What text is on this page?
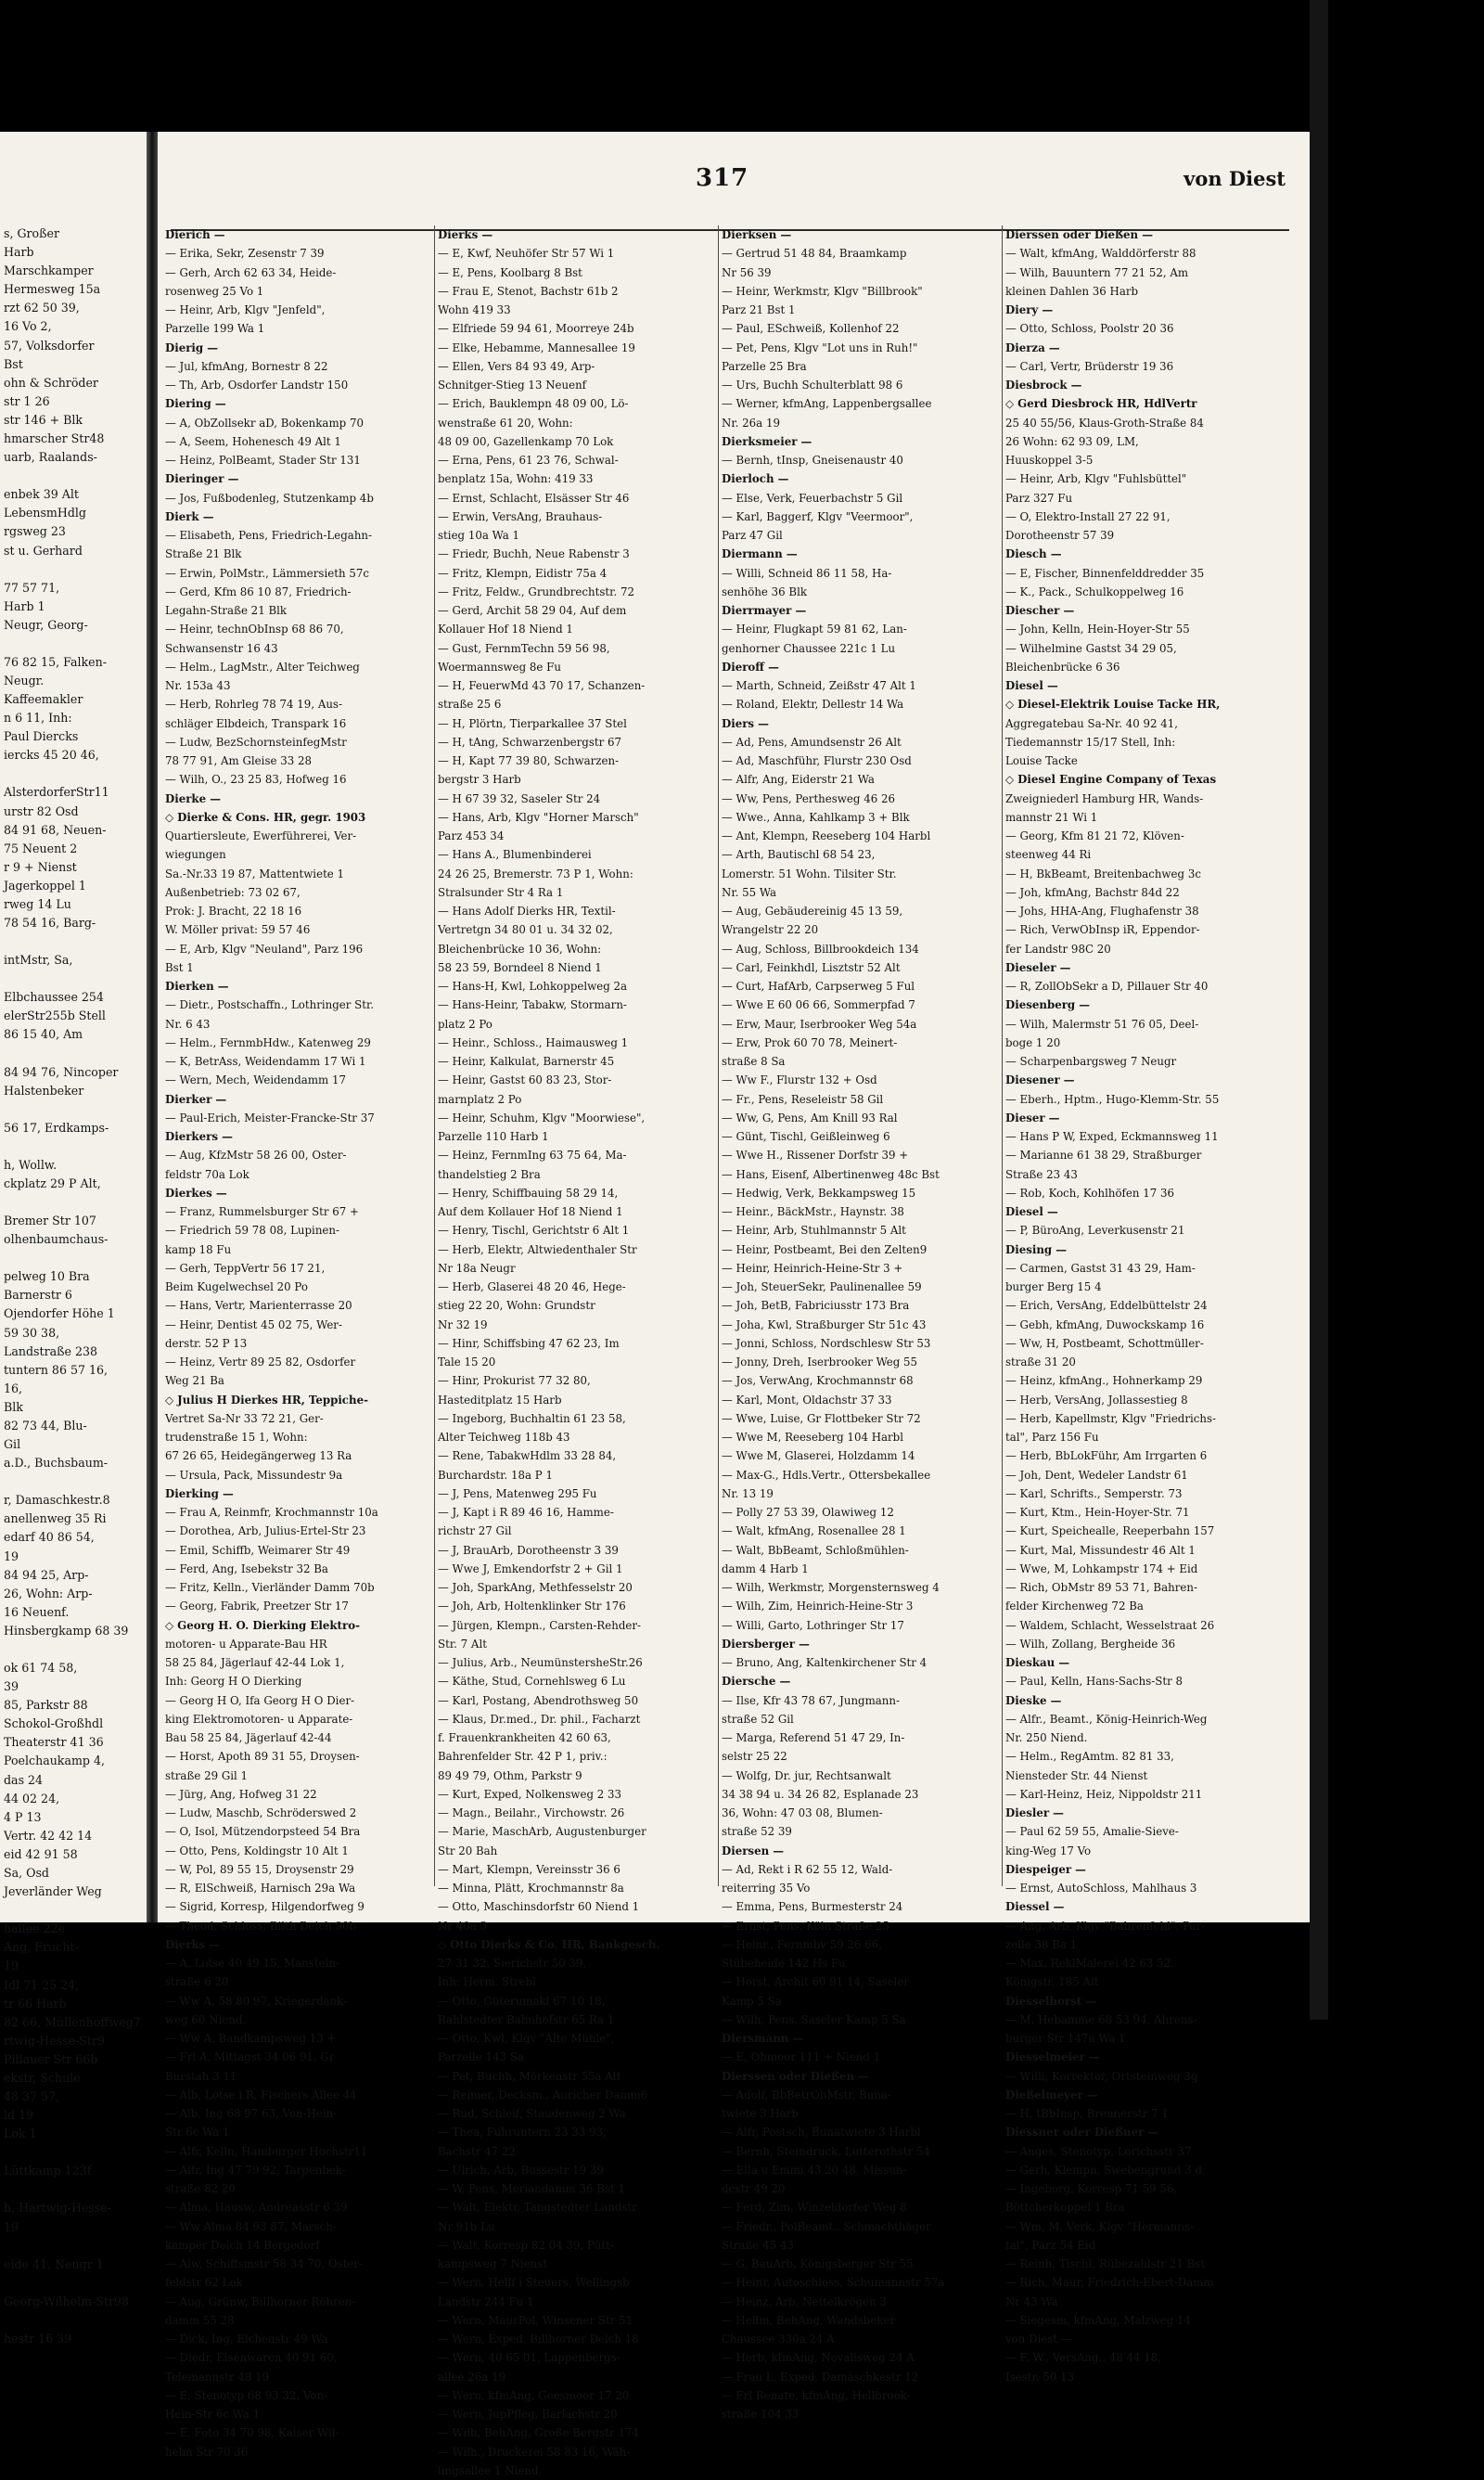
s, Großer
Harb
Marschkamper
Hermesweg 15a
rzt 62 50 39,
16 Vo 2,
57, Volksdorfer
Bst
ohn & Schröder
str 1 26
str 146 + Blk
hmarscher Str48
uarb, Raalands-
enbek 39 Alt
LebensmHdlg
rgsweg 23
st u. Gerhard
77 57 71,
Harb 1
Neugr, Georg-
76 82 15, Falken-
Neugr.
Kaffeemakler
n 6 11, Inh:
Paul Diercks
iercks 45 20 46,
AlsterdorferStr11
urstr 82 Osd
84 91 68, Neuen-
75 Neuent 2
r 9 + Nienst
Jagerkoppel 1
rweg 14 Lu
78 54 16, Barg-
intMstr, Sa,
Elbchaussee 254
elerStr255b Stell
86 15 40, Am
84 94 76, Nincoper
Halstenbeker
56 17, Erdkamps-
h, Wollw.
ckplatz 29 P Alt,
Bremer Str 107
olhenbaumchaus-
pelweg 10 Bra
Barnerstr 6
Ojendorfer Höhe 1
59 30 38,
Landstraße 238
tuntern 86 57 16,
16,
Blk
82 73 44, Blu-
Gil
a.D., Buchsbaum-
r, Damaschkestr.8
anellenweg 35 Ri
edarf 40 86 54,
19
84 94 25, Arp-
26, Wohn: Arp-
16 Neuenf.
Hinsbergkamp 68 39
ok 61 74 58,
39
85, Parkstr 88
Schokol-Großhdl
Theaterstr 41 36
Poelchaukamp 4,
das 24
44 02 24,
4 P 13
Vertr. 42 42 14
eid 42 91 58
Sa, Osd
Jeverländer Weg
hallee 22e
Ang, Frucht-
19
Idl 71 25 24,
tr 66 Harb
82 66, Müllenhoffweg7
rtwig-Hesse-Str9
Pillauer Str 66b
ekstr, Schule
48 37 57,
ld 19
Lok 1
Lüttkamp 123f
h, Hartwig-Hesse-
19
eide 41, Neugr 1
Georg-Wilhelm-Str98
hestr 16 39
317	von Diest
Dierich —
— Erika, Sekr, Zesenstr 7 39
— Gerh, Arch 62 63 34, Heide-
rosenweg 25 Vo 1
— Heinr, Arb, Klgv "Jenfeld",
Parzelle 199 Wa 1
Dierig —
— Jul, kfmAng, Bornestr 8 22
— Th, Arb, Osdorfer Landstr 150
Diering —
— A, ObZollsekr aD, Bokenkamp 70
— A, Seem, Hohenesch 49 Alt 1
— Heinz, PolBeamt, Stader Str 131
Dieringer —
— Jos, Fußbodenleg, Stutzenkamp 4b
Dierk —
— Elisabeth, Pens, Friedrich-Legahn-
Straße 21 Blk
— Erwin, PolMstr., Lämmersieth 57c
— Gerd, Kfm 86 10 87, Friedrich-
Legahn-Straße 21 Blk
— Heinr, technObInsp 68 86 70,
Schwansenstr 16 43
— Helm., LagMstr., Alter Teichweg
Nr. 153a 43
— Herb, Rohrleg 78 74 19, Aus-
schläger Elbdeich, Transpark 16
— Ludw, BezSchornsteinfegMstr
78 77 91, Am Gleise 33 28
— Wilh, O., 23 25 83, Hofweg 16
Dierke —
◇ Dierke & Cons. HR, gegr. 1903
Quartiersleute, Ewerführerei, Ver-
wiegungen
Sa.-Nr.33 19 87, Mattentwiete 1
Außenbetrieb: 73 02 67,
Prok: J. Bracht, 22 18 16
W. Möller privat: 59 57 46
— E, Arb, Klgv "Neuland", Parz 196
Bst 1
Dierken —
— Dietr., Postschaffn., Lothringer Str.
Nr. 6 43
— Helm., FernmbHdw., Katenweg 29
— K, BetrAss, Weidendamm 17 Wi 1
— Wern, Mech, Weidendamm 17
Dierker —
— Paul-Erich, Meister-Francke-Str 37
Dierkers —
— Aug, KfzMstr 58 26 00, Oster-
feldstr 70a Lok
Dierkes —
— Franz, Rummelsburger Str 67 +
— Friedrich 59 78 08, Lupinen-
kamp 18 Fu
— Gerh, TeppVertr 56 17 21,
Beim Kugelwechsel 20 Po
— Hans, Vertr, Marienterrasse 20
— Heinr, Dentist 45 02 75, Wer-
derstr. 52 P 13
— Heinz, Vertr 89 25 82, Osdorfer
Weg 21 Ba
◇ Julius H Dierkes HR, Teppiche-
Vertret Sa-Nr 33 72 21, Ger-
trudenstraße 15 1, Wohn:
67 26 65, Heidegängerweg 13 Ra
— Ursula, Pack, Missundestr 9a
Dierking —
— Frau A, Reinmfr, Krochmannstr 10a
— Dorothea, Arb, Julius-Ertel-Str 23
— Emil, Schiffb, Weimarer Str 49
— Ferd, Ang, Isebekstr 32 Ba
— Fritz, Kelln., Vierländer Damm 70b
— Georg, Fabrik, Preetzer Str 17
◇ Georg H. O. Dierking Elektro-
motoren- u Apparate-Bau HR
58 25 84, Jägerlauf 42-44 Lok 1,
Inh: Georg H O Dierking
— Georg H O, Ifa Georg H O Dier-
king Elektromotoren- u Apparate-
Bau 58 25 84, Jägerlauf 42-44
— Horst, Apoth 89 31 55, Droysen-
straße 29 Gil 1
— Jürg, Ang, Hofweg 31 22
— Ludw, Maschb, Schröderswed 2
— O, Isol, Mützendorpsteed 54 Bra
— Otto, Pens, Koldingstr 10 Alt 1
— W, Pol, 89 55 15, Droysenstr 29
— R, ElSchweiß, Harnisch 29a Wa
— Sigrid, Korresp, Hilgendorfweg 9
— Theod, Schloss, Bilth Deich 90b
Dierks —
— A, Lotse 40 49 15, Manstein-
straße 6 20
— Ww A, 58 80 97, Kriegerdank-
weg 60 Niend.
— Ww A, Bandkampsweg 13 +
— Frl A, Mittagst 34 06 91, Gr
Burstah 3 11
— Alb, Lotse i R, Fischers Allee 44
— Alb, Ing 68 97 63, Von-Hein-
Str 6c Wa 1
— Alfr, Kelln, Hamburger Hochstr11
— Alfr, Ing 47 79 92, Tarpenbek-
straße 82 20
— Alma, Hausw, Andreasstr 6 39
— Ww Alma 84 93 87, Marsch-
kamper Deich 14 Bergedorf
— Alw, Schiffsmstr 58 34 70, Oster-
feldstr 62 Lok
— Aug, Grünw, Billhorner Röhren-
damm 55 28
— Dick, Ing, Elchenstr 49 Wa
— Diedr, Eisenwaren 40 91 60,
Telemannstr 48 19
— E, Stenotyp 68 93 32, Von-
Hein-Str 6c Wa 1
— E, Foto 34 70 98, Kaiser Wil-
helm Str 70 36
Dierks —
— E, Kwf, Neuhöfer Str 57 Wi 1
— E, Pens, Koolbarg 8 Bst
— Frau E, Stenot, Bachstr 61b 2
Wohn 419 33
— Elfriede 59 94 61, Moorreye 24b
— Elke, Hebamme, Mannesallee 19
— Ellen, Vers 84 93 49, Arp-
Schnitger-Stieg 13 Neuenf
— Erich, Bauklempn 48 09 00, Lö-
wenstraße 61 20, Wohn:
48 09 00, Gazellenkamp 70 Lok
— Erna, Pens, 61 23 76, Schwal-
benplatz 15a, Wohn: 419 33
— Ernst, Schlacht, Elsässer Str 46
— Erwin, VersAng, Brauhaus-
stieg 10a Wa 1
— Friedr, Buchh, Neue Rabenstr 3
— Fritz, Klempn, Eidistr 75a 4
— Fritz, Feldw., Grundbrechtstr. 72
— Gerd, Archit 58 29 04, Auf dem
Kollauer Hof 18 Niend 1
— Gust, FernmTechn 59 56 98,
Woermannsweg 8e Fu
— H, FeuerwMd 43 70 17, Schanzen-
straße 25 6
— H, Plörtn, Tierparkallee 37 Stel
— H, tAng, Schwarzenbergstr 67
— H, Kapt 77 39 80, Schwarzen-
bergstr 3 Harb
— H 67 39 32, Saseler Str 24
— Hans, Arb, Klgv "Horner Marsch"
Parz 453 34
— Hans A., Blumenbinderei
24 26 25, Bremerstr. 73 P 1, Wohn:
Stralsunder Str 4 Ra 1
— Hans Adolf Dierks HR, Textil-
Vertretgn 34 80 01 u. 34 32 02,
Bleichenbrücke 10 36, Wohn:
58 23 59, Borndeel 8 Niend 1
— Hans-H, Kwl, Lohkoppelweg 2a
— Hans-Heinr, Tabakw, Stormarn-
platz 2 Po
— Heinr., Schloss., Haimausweg 1
— Heinr, Kalkulat, Barnerstr 45
— Heinr, Gastst 60 83 23, Stor-
marnplatz 2 Po
— Heinr, Schuhm, Klgv "Moorwiese",
Parzelle 110 Harb 1
— Heinz, FernmIng 63 75 64, Ma-
thandelstieg 2 Bra
— Henry, Schiffbauing 58 29 14,
Auf dem Kollauer Hof 18 Niend 1
— Henry, Tischl, Gerichtstr 6 Alt 1
— Herb, Elektr, Altwiedenthaler Str
Nr 18a Neugr
— Herb, Glaserei 48 20 46, Hege-
stieg 22 20, Wohn: Grundstr
Nr 32 19
— Hinr, Schiffsbing 47 62 23, Im
Tale 15 20
— Hinr, Prokurist 77 32 80,
Hasteditplatz 15 Harb
— Ingeborg, Buchhaltin 61 23 58,
Alter Teichweg 118b 43
— Rene, TabakwHdlm 33 28 84,
Burchardstr. 18a P 1
— J, Pens, Matenweg 295 Fu
— J, Kapt i R 89 46 16, Hamme-
richstr 27 Gil
— J, BrauArb, Dorotheenstr 3 39
— Wwe J, Emkendorfstr 2 + Gil 1
— Joh, SparkAng, Methfesselstr 20
— Joh, Arb, Holtenklinker Str 176
— Jürgen, Klempn., Carsten-Rehder-
Str. 7 Alt
— Julius, Arb., NeumünstersheStr.26
— Käthe, Stud, Cornehlsweg 6 Lu
— Karl, Postang, Abendrothsweg 50
— Klaus, Dr.med., Dr. phil., Facharzt
f. Frauenkrankheiten 42 60 63,
Bahrenfelder Str. 42 P 1, priv.:
89 49 79, Othm, Parkstr 9
— Kurt, Exped, Nolkensweg 2 33
— Magn., Beilahr., Virchowstr. 26
— Marie, MaschArb, Augustenburger
Str 20 Bah
— Mart, Klempn, Vereinsstr 36 6
— Minna, Plätt, Krochmannstr 8a
— Otto, Maschinsdorfstr 60 Niend 1
Nr 40a 3
◇ Otto Dierks & Co. HR, Bankgesch.
27 31 32, Sierichstr 50 39,
Inh: Herm. Strebl
— Otto, Güterumakl 67 10 18,
Rahlstedter Bahnhofstr 65 Ra 1
— Otto, Kwl, Klgv "Alte Mühle",
Parzelle 143 Sa
— Pet, Buchh, Mörkenstr 55a Alt
— Reimer, Decksm., Auricher Damm6
— Rud, Schleif, Staudenweg 2 Wa
— Thea, Fuhruntern 23 33 93,
Bachstr 47 22
— Ulrich, Arb, Bussestr 19 39
— W, Pens, Meriandamm 36 Bst 1
— Walt, Elektr, Tangstedter Landstr
Nr 91b Lu
— Walt, Korresp 82 04 39, Pütt-
kampsweg 7 Nienst
— Wern, Hellf i Steuers, Wellingsb
Landstr 244 Fu 1
— Wern, MaurPol, Winsener Str 51
— Wern, Exped, Billhorner Deich 18
— Wern, 40 65 01, Lappenbergs-
allee 26a 19
— Wern, kfmAng, Geesmoor 17 20
— Wern, JupPfleg, Barlachstr 20
— Wilh, BehAng, Große Bergstr 174
— Wilh., Druckerei 58 83 16, Wäh-
lingsallee 1 Niend.
Dierksen —
— Gertrud 51 48 84, Braamkamp
Nr 56 39
— Heinr, Werkmstr, Klgv "Billbrook"
Parz 21 Bst 1
— Paul, ESchweiß, Kollenhof 22
— Pet, Pens, Klgv "Lot uns in Ruh!"
Parzelle 25 Bra
— Urs, Buchh Schulterblatt 98 6
— Werner, kfmAng, Lappenbergsallee
Nr. 26a 19
Dierksmeier —
— Bernh, tInsp, Gneisenaustr 40
Dierloch —
— Else, Verk, Feuerbachstr 5 Gil
— Karl, Baggerf, Klgv "Veermoor",
Parz 47 Gil
Diermann —
— Willi, Schneid 86 11 58, Ha-
senhöhe 36 Blk
Dierrmayer —
— Heinr, Flugkapt 59 81 62, Lan-
genhorner Chaussee 221c 1 Lu
Dieroff —
— Marth, Schneid, Zeißstr 47 Alt 1
— Roland, Elektr, Dellestr 14 Wa
Diers —
— Ad, Pens, Amundsenstr 26 Alt
— Ad, Maschführ, Flurstr 230 Osd
— Alfr, Ang, Eiderstr 21 Wa
— Ww, Pens, Perthesweg 46 26
— Wwe., Anna, Kahlkamp 3 + Blk
— Ant, Klempn, Reeseberg 104 Harbl
— Arth, Bautischl 68 54 23,
Lomerstr. 51 Wohn. Tilsiter Str.
Nr. 55 Wa
— Aug, Gebäudereinig 45 13 59,
Wrangelstr 22 20
— Aug, Schloss, Billbrookdeich 134
— Carl, Feinkhdl, Lisztstr 52 Alt
— Curt, HafArb, Carpserweg 5 Ful
— Wwe E 60 06 66, Sommerpfad 7
— Erw, Maur, Iserbrooker Weg 54a
— Erw, Prok 60 70 78, Meinert-
straße 8 Sa
— Ww F., Flurstr 132 + Osd
— Fr., Pens, Reseleistr 58 Gil
— Ww, G, Pens, Am Knill 93 Ral
— Günt, Tischl, Geißleinweg 6
— Wwe H., Rissener Dorfstr 39 +
— Hans, Eisenf, Albertinenweg 48c Bst
— Hedwig, Verk, Bekkampsweg 15
— Heinr., BäckMstr., Haynstr. 38
— Heinr, Arb, Stuhlmannstr 5 Alt
— Heinr, Postbeamt, Bei den Zelten9
— Heinr, Heinrich-Heine-Str 3 +
— Joh, SteuerSekr, Paulinenallee 59
— Joh, BetB, Fabriciusstr 173 Bra
— Joha, Kwl, Straßburger Str 51c 43
— Jonni, Schloss, Nordschlesw Str 53
— Jonny, Dreh, Iserbrooker Weg 55
— Jos, VerwAng, Krochmannstr 68
— Karl, Mont, Oldachstr 37 33
— Wwe, Luise, Gr Flottbeker Str 72
— Wwe M, Reeseberg 104 Harbl
— Wwe M, Glaserei, Holzdamm 14
— Max-G., Hdls.Vertr., Ottersbekallee
Nr. 13 19
— Polly 27 53 39, Olawiweg 12
— Walt, kfmAng, Rosenallee 28 1
— Walt, BbBeamt, Schloßmühlen-
damm 4 Harb 1
— Wilh, Werkmstr, Morgensternsweg 4
— Wilh, Zim, Heinrich-Heine-Str 3
— Willi, Garto, Lothringer Str 17
Diersberger —
— Bruno, Ang, Kaltenkirchener Str 4
Diersche —
— Ilse, Kfr 43 78 67, Jungmann-
straße 52 Gil
— Marga, Referend 51 47 29, In-
selstr 25 22
— Wolfg, Dr. jur, Rechtsanwalt
34 38 94 u. 34 26 82, Esplanade 23
36, Wohn: 47 03 08, Blumen-
straße 52 39
Diersen —
— Ad, Rekt i R 62 55 12, Wald-
reiterring 35 Vo
— Emma, Pens, Burmesterstr 24
— Ernst, Pens, Köln Straße 25
— Heinr., Fernmbv 59 26 66,
Stübeheide 142 Hs Fu
— Horst, Archit 60 91 14, Saseler
Kamp 5 Sa
— Wilh, Pens, Saseler Kamp 5 Sa
Diersmann —
— E, Ohmoor 111 + Niend 1
Dierssen oder Dießen —
— Adolf, BbBetrObMstr, Buna-
twiete 3 Harb
— Alfr, Postsch, Bunatwiete 3 Harbl
— Bernh, Steindruck, Lutterothstr 54
— Ella u Emmi 43 20 48, Missun-
destr 49 20
— Ferd, Zim, Winzeldorfer Weg 8
— Friedr., PolBeamt., Schmachthäger
Straße 45 43
— G, BauArb, Königsberger Str 55
— Heinr, Autoschloss, Schumannstr 57a
— Heinz, Arb, Nettelkrögen 3
— Hellm, BehAng, Wandsbeker
Chaussee 330a 24 A
— Herb, kfmAng, Novalisweg 24 A
— Frau L, Exped, Damaschkestr 12
— Frl Renate, kfmAng, Hellbrook-
straße 104 33
Dierssen oder Dießen —
— Walt, kfmAng, Walddörferstr 88
— Wilh, Bauuntern 77 21 52, Am
kleinen Dahlen 36 Harb
Diery —
— Otto, Schloss, Poolstr 20 36
Dierza —
— Carl, Vertr, Brüderstr 19 36
Diesbrock —
◇ Gerd Diesbrock HR, HdlVertr
25 40 55/56, Klaus-Groth-Straße 84
26 Wohn: 62 93 09, LM,
Huuskoppel 3-5
— Heinr, Arb, Klgv "Fuhlsbüttel"
Parz 327 Fu
— O, Elektro-Install 27 22 91,
Dorotheenstr 57 39
Diesch —
— E, Fischer, Binnenfelddredder 35
— K., Pack., Schulkoppelweg 16
Diescher —
— John, Kelln, Hein-Hoyer-Str 55
— Wilhelmine Gastst 34 29 05,
Bleichenbrücke 6 36
Diesel —
◇ Diesel-Elektrik Louise Tacke HR,
Aggregatebau Sa-Nr. 40 92 41,
Tiedemannstr 15/17 Stell, Inh:
Louise Tacke
◇ Diesel Engine Company of Texas
Zweigniederl Hamburg HR, Wands-
mannstr 21 Wi 1
— Georg, Kfm 81 21 72, Klöven-
steenweg 44 Ri
— H, BkBeamt, Breitenbachweg 3c
— Joh, kfmAng, Bachstr 84d 22
— Johs, HHA-Ang, Flughafenstr 38
— Rich, VerwObInsp iR, Eppendor-
fer Landstr 98C 20
Dieseler —
— R, ZollObSekr a D, Pillauer Str 40
Diesenberg —
— Wilh, Malermstr 51 76 05, Deel-
boge 1 20
— Scharpenbargsweg 7 Neugr
Diesener —
— Eberh., Hptm., Hugo-Klemm-Str. 55
Dieser —
— Hans P W, Exped, Eckmannsweg 11
— Marianne 61 38 29, Straßburger
Straße 23 43
— Rob, Koch, Kohlhöfen 17 36
Diesel —
— P, BüroAng, Leverkusenstr 21
Diesing —
— Carmen, Gastst 31 43 29, Ham-
burger Berg 15 4
— Erich, VersAng, Eddelbüttelstr 24
— Gebh, kfmAng, Duwockskamp 16
— Ww, H, Postbeamt, Schottmüller-
straße 31 20
— Heinz, kfmAng., Hohnerkamp 29
— Herb, VersAng, Jollassestieg 8
— Herb, Kapellmstr, Klgv "Friedrichs-
tal", Parz 156 Fu
— Herb, BbLokFühr, Am Irrgarten 6
— Joh, Dent, Wedeler Landstr 61
— Karl, Schrifts., Semperstr. 73
— Kurt, Ktm., Hein-Hoyer-Str. 71
— Kurt, Speichealle, Reeperbahn 157
— Kurt, Mal, Missundestr 46 Alt 1
— Wwe, M, Lohkampstr 174 + Eid
— Rich, ObMstr 89 53 71, Bahren-
felder Kirchenweg 72 Ba
— Waldem, Schlacht, Wesselstraat 26
— Wilh, Zollang, Bergheide 36
Dieskau —
— Paul, Kelln, Hans-Sachs-Str 8
Dieske —
— Alfr., Beamt., König-Heinrich-Weg
Nr. 250 Niend.
— Helm., RegAmtm. 82 81 33,
Niensteder Str. 44 Nienst
— Karl-Heinz, Heiz, Nippoldstr 211
Diesler —
— Paul 62 59 55, Amalie-Sieve-
king-Weg 17 Vo
Diespeiger —
— Ernst, AutoSchloss, Mahlhaus 3
Diessel —
— Ang, Arb, Klgv "Bahrenfeld", Par-
zelle 38 Ba 1
— Max, ReklMalerei 42 63 52,
Königstr. 185 Alt
Diesselhorst —
— M, Hebamme 68 53 94, Ahrens-
burger Str 147a Wa 1
Diesselmeier —
— Willi, Korrektor, Ortsteinweg 3g
Dießelmeyer —
— H, tBbInsp, Brennerstr 7 1
Diessner oder Dießner —
— Anges, Stenotyp, Lorichsstr 37
— Gerh, Klempn, Swebengrund 3 d
— Ingeborg, Korresp 71 59 56,
Böttcherkoppel 1 Bra
— Wm, M, Verk, Klgv "Hermanns-
tal", Parz 54 Eid
— Reinh, Tischl, Rübezahlstr 21 Bst
— Rich, Maur, Friedrich-Ebert-Damm
Nr 43 Wa
— Siegesm, kfmAng, Malzweg 14
von Diest —
— F. W., VersAng., 48 44 18,
Isestr. 50 13
